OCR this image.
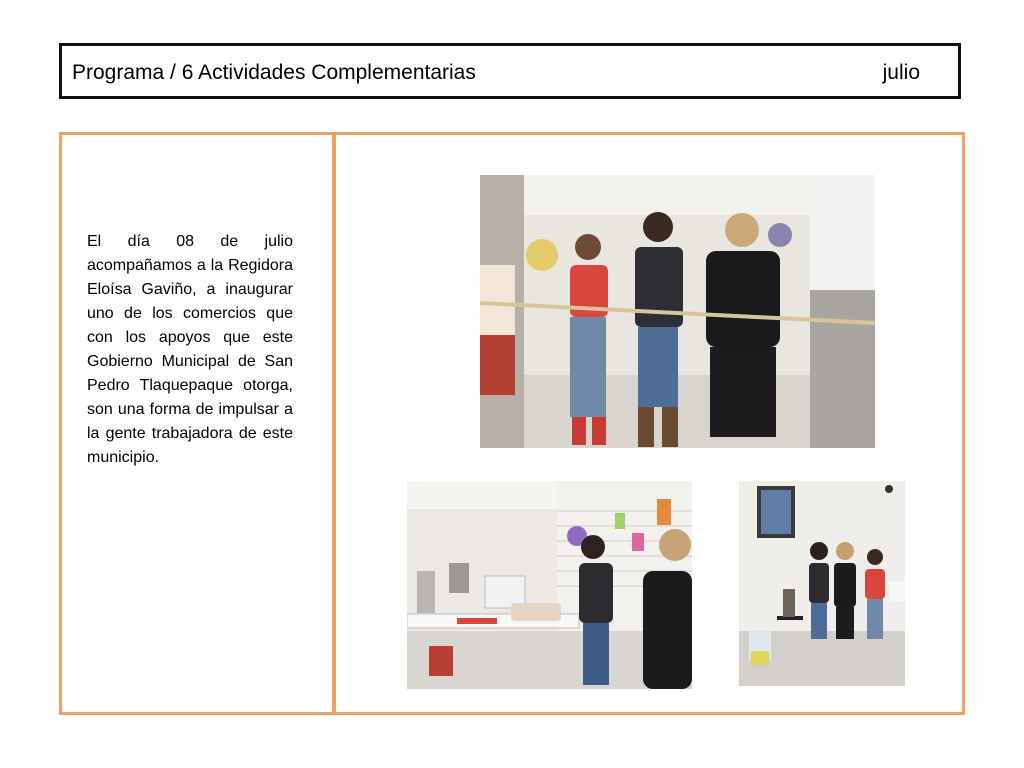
Programa / 6 Actividades Complementarias	julio
El día 08 de julio acompañamos a la Regidora Eloísa Gaviño, a inaugurar uno de los comercios que con los apoyos que este Gobierno Municipal de San Pedro Tlaquepaque otorga, son una forma de impulsar a la gente trabajadora de este municipio.
